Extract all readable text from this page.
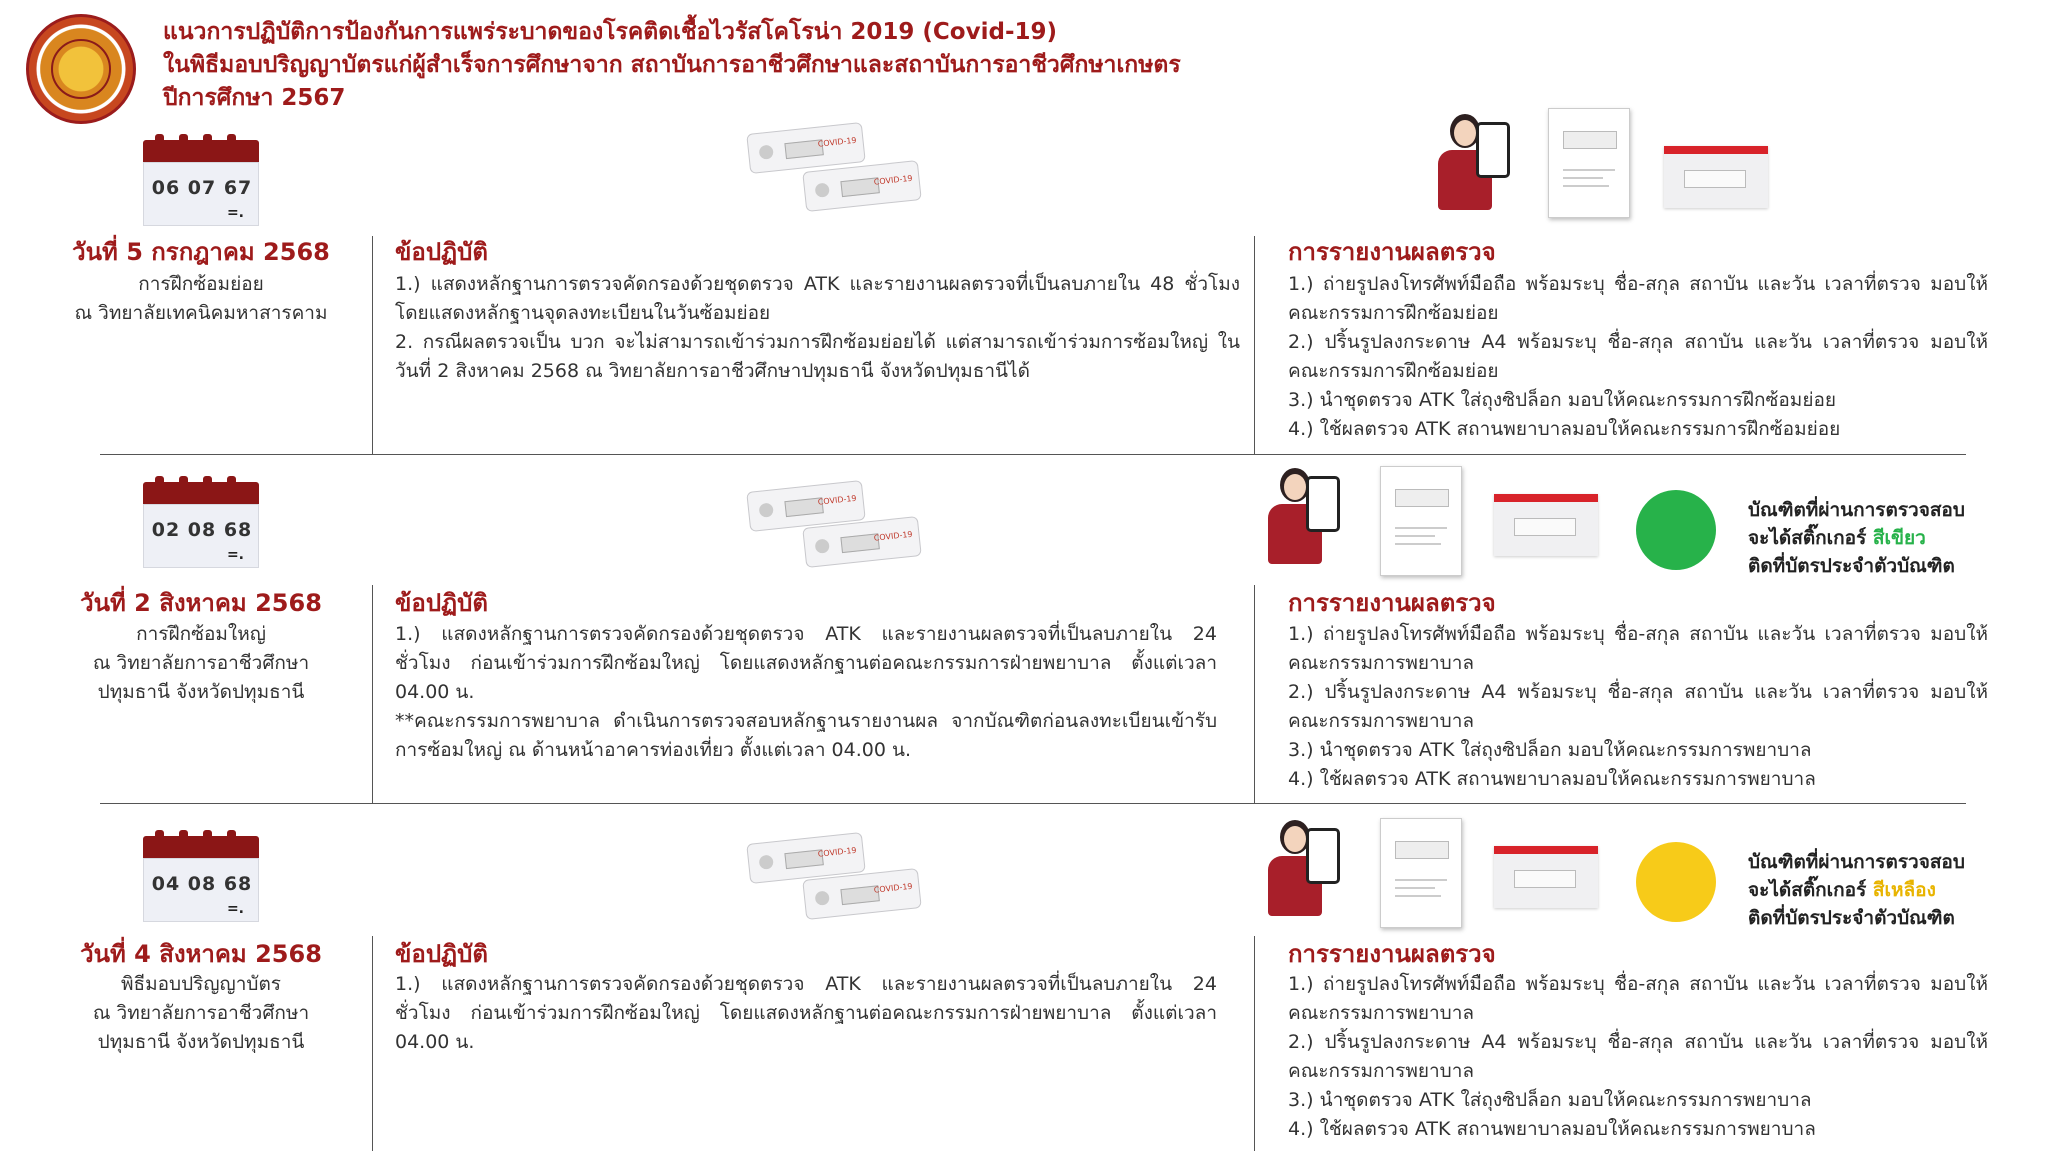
แนวการปฏิบัติการป้องกันการแพร่ระบาดของโรคติดเชื้อไวรัสโคโรน่า 2019 (Covid-19)
ในพิธีมอบปริญญาบัตรแก่ผู้สำเร็จการศึกษาจาก สถาบันการอาชีวศึกษาและสถาบันการอาชีวศึกษาเกษตร
ปีการศึกษา 2567
06 07 67
=.
วันที่ 5 กรกฎาคม 2568
การฝึกซ้อมย่อย
ณ วิทยาลัยเทคนิคมหาสารคาม
COVID-19
COVID-19
ข้อปฏิบัติ

1.) แสดงหลักฐานการตรวจคัดกรองด้วยชุดตรวจ ATK และรายงานผลตรวจที่เป็นลบภายใน 48 ชั่วโมง โดยแสดงหลักฐานจุดลงทะเบียนในวันซ้อมย่อย

2. กรณีผลตรวจเป็น บวก จะไม่สามารถเข้าร่วมการฝึกซ้อมย่อยได้ แต่สามารถเข้าร่วมการซ้อมใหญ่ ในวันที่ 2 สิงหาคม 2568 ณ วิทยาลัยการอาชีวศึกษาปทุมธานี จังหวัดปทุมธานีได้

การรายงานผลตรวจ

1.) ถ่ายรูปลงโทรศัพท์มือถือ พร้อมระบุ ชื่อ-สกุล สถาบัน และวัน เวลาที่ตรวจ มอบให้คณะกรรมการฝึกซ้อมย่อย

2.) ปริ้นรูปลงกระดาษ A4 พร้อมระบุ ชื่อ-สกุล สถาบัน และวัน เวลาที่ตรวจ มอบให้คณะกรรมการฝึกซ้อมย่อย

3.) นำชุดตรวจ ATK ใส่ถุงซิปล็อก มอบให้คณะกรรมการฝึกซ้อมย่อย

4.) ใช้ผลตรวจ ATK สถานพยาบาลมอบให้คณะกรรมการฝึกซ้อมย่อย

02 08 68
=.
วันที่ 2 สิงหาคม 2568
การฝึกซ้อมใหญ่
ณ วิทยาลัยการอาชีวศึกษา
ปทุมธานี จังหวัดปทุมธานี
COVID-19
COVID-19
บัณฑิตที่ผ่านการตรวจสอบ
จะได้สติ๊กเกอร์ สีเขียว
ติดที่บัตรประจำตัวบัณฑิต
ข้อปฏิบัติ

1.) แสดงหลักฐานการตรวจคัดกรองด้วยชุดตรวจ ATK และรายงานผลตรวจที่เป็นลบภายใน 24 ชั่วโมง ก่อนเข้าร่วมการฝึกซ้อมใหญ่ โดยแสดงหลักฐานต่อคณะกรรมการฝ่ายพยาบาล ตั้งแต่เวลา 04.00 น.

**คณะกรรมการพยาบาล ดำเนินการตรวจสอบหลักฐานรายงานผล จากบัณฑิตก่อนลงทะเบียนเข้ารับการซ้อมใหญ่ ณ ด้านหน้าอาคารท่องเที่ยว ตั้งแต่เวลา 04.00 น.

การรายงานผลตรวจ

1.) ถ่ายรูปลงโทรศัพท์มือถือ พร้อมระบุ ชื่อ-สกุล สถาบัน และวัน เวลาที่ตรวจ มอบให้คณะกรรมการพยาบาล

2.) ปริ้นรูปลงกระดาษ A4 พร้อมระบุ ชื่อ-สกุล สถาบัน และวัน เวลาที่ตรวจ มอบให้คณะกรรมการพยาบาล

3.) นำชุดตรวจ ATK ใส่ถุงซิปล็อก มอบให้คณะกรรมการพยาบาล

4.) ใช้ผลตรวจ ATK สถานพยาบาลมอบให้คณะกรรมการพยาบาล

04 08 68
=.
วันที่ 4 สิงหาคม 2568
พิธีมอบปริญญาบัตร
ณ วิทยาลัยการอาชีวศึกษา
ปทุมธานี จังหวัดปทุมธานี
COVID-19
COVID-19
บัณฑิตที่ผ่านการตรวจสอบ
จะได้สติ๊กเกอร์ สีเหลือง
ติดที่บัตรประจำตัวบัณฑิต
ข้อปฏิบัติ

1.) แสดงหลักฐานการตรวจคัดกรองด้วยชุดตรวจ ATK และรายงานผลตรวจที่เป็นลบภายใน 24 ชั่วโมง ก่อนเข้าร่วมการฝึกซ้อมใหญ่ โดยแสดงหลักฐานต่อคณะกรรมการฝ่ายพยาบาล ตั้งแต่เวลา 04.00 น.

การรายงานผลตรวจ

1.) ถ่ายรูปลงโทรศัพท์มือถือ พร้อมระบุ ชื่อ-สกุล สถาบัน และวัน เวลาที่ตรวจ มอบให้คณะกรรมการพยาบาล

2.) ปริ้นรูปลงกระดาษ A4 พร้อมระบุ ชื่อ-สกุล สถาบัน และวัน เวลาที่ตรวจ มอบให้คณะกรรมการพยาบาล

3.) นำชุดตรวจ ATK ใส่ถุงซิปล็อก มอบให้คณะกรรมการพยาบาล

4.) ใช้ผลตรวจ ATK สถานพยาบาลมอบให้คณะกรรมการพยาบาล
